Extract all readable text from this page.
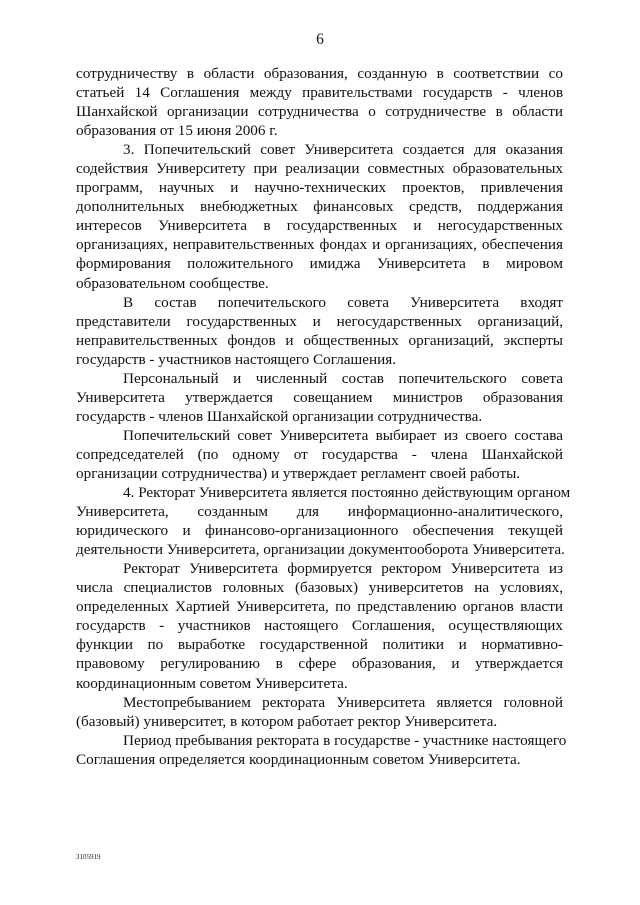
6
сотрудничеству в области образования, созданную в соответствии со
статьей 14 Соглашения между правительствами государств - членов
Шанхайской организации сотрудничества о сотрудничестве в области
образования от 15 июня 2006 г.
3. Попечительский совет Университета создается для оказания
содействия Университету при реализации совместных образовательных
программ, научных и научно-технических проектов, привлечения
дополнительных внебюджетных финансовых средств, поддержания
интересов Университета в государственных и негосударственных
организациях, неправительственных фондах и организациях, обеспечения
формирования положительного имиджа Университета в мировом
образовательном сообществе.
В состав попечительского совета Университета входят
представители государственных и негосударственных организаций,
неправительственных фондов и общественных организаций, эксперты
государств - участников настоящего Соглашения.
Персональный и численный состав попечительского совета
Университета утверждается совещанием министров образования
государств - членов Шанхайской организации сотрудничества.
Попечительский совет Университета выбирает из своего состава
сопредседателей (по одному от государства - члена Шанхайской
организации сотрудничества) и утверждает регламент своей работы.
4. Ректорат Университета является постоянно действующим органом
Университета, созданным для информационно-аналитического,
юридического и финансово-организационного обеспечения текущей
деятельности Университета, организации документооборота Университета.
Ректорат Университета формируется ректором Университета из
числа специалистов головных (базовых) университетов на условиях,
определенных Хартией Университета, по представлению органов власти
государств - участников настоящего Соглашения, осуществляющих
функции по выработке государственной политики и нормативно-
правовому регулированию в сфере образования, и утверждается
координационным советом Университета.
Местопребыванием ректората Университета является головной
(базовый) университет, в котором работает ректор Университета.
Период пребывания ректората в государстве - участнике настоящего
Соглашения определяется координационным советом Университета.
3105919
